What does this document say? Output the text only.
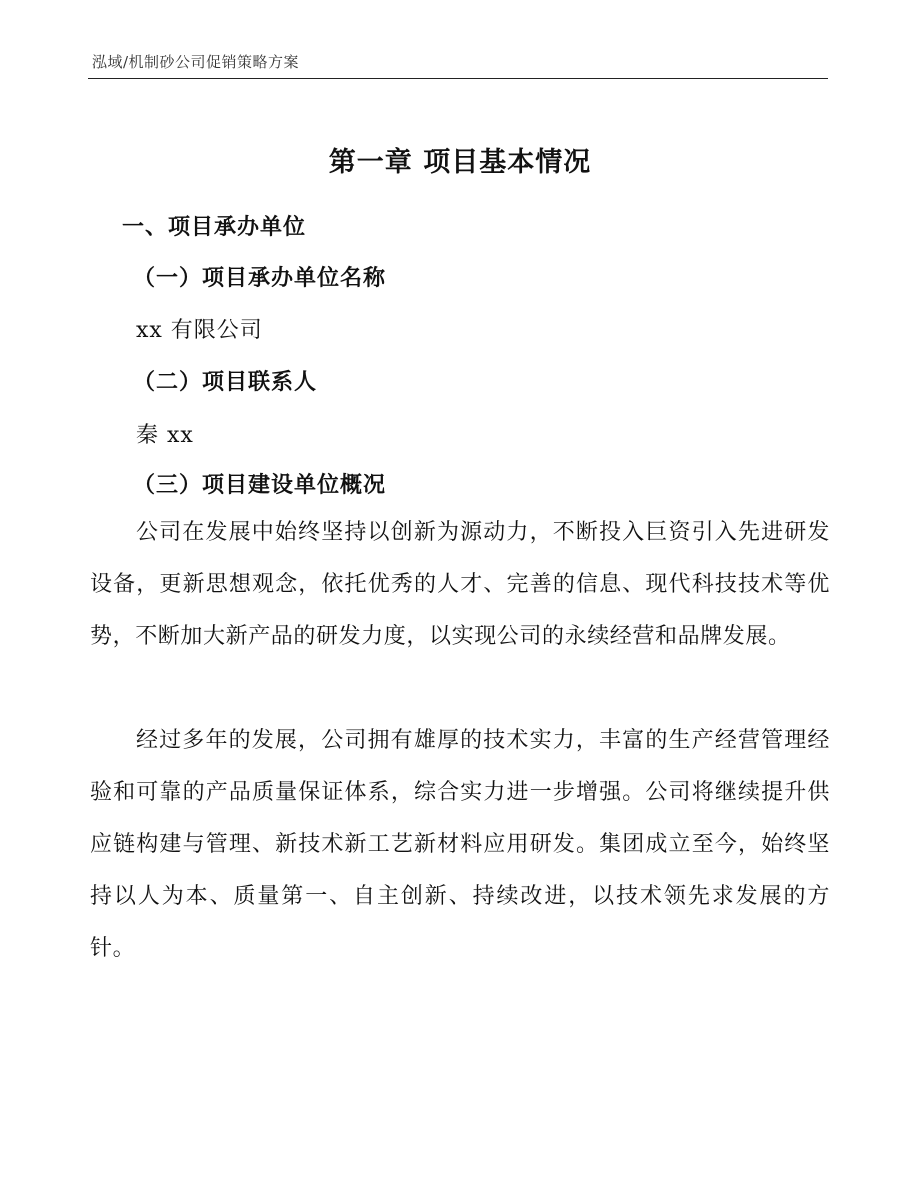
泓域/机制砂公司促销策略方案
第一章 项目基本情况
一、项目承办单位
（一）项目承办单位名称
xx 有限公司
（二）项目联系人
秦 xx
（三）项目建设单位概况

公司在发展中始终坚持以创新为源动力，不断投入巨资引入先进研发设备，更新思想观念，依托优秀的人才、完善的信息、现代科技技术等优势，不断加大新产品的研发力度，以实现公司的永续经营和品牌发展。

经过多年的发展，公司拥有雄厚的技术实力，丰富的生产经营管理经验和可靠的产品质量保证体系，综合实力进一步增强。公司将继续提升供应链构建与管理、新技术新工艺新材料应用研发。集团成立至今，始终坚持以人为本、质量第一、自主创新、持续改进，以技术领先求发展的方针。
